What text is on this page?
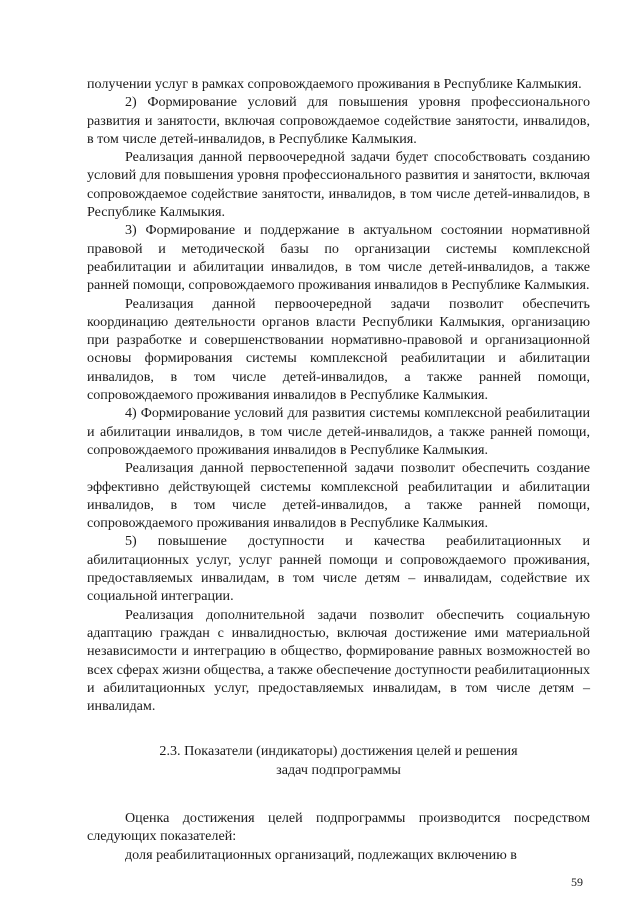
получении услуг в рамках сопровождаемого проживания в Республике Калмыкия.

2) Формирование условий для повышения уровня профессионального развития и занятости, включая сопровождаемое содействие занятости, инвалидов, в том числе детей-инвалидов, в Республике Калмыкия.

Реализация данной первоочередной задачи будет способствовать созданию условий для повышения уровня профессионального развития и занятости, включая сопровождаемое содействие занятости, инвалидов, в том числе детей-инвалидов, в Республике Калмыкия.

3) Формирование и поддержание в актуальном состоянии нормативной правовой и методической базы по организации системы комплексной реабилитации и абилитации инвалидов, в том числе детей-инвалидов, а также ранней помощи, сопровождаемого проживания инвалидов в Республике Калмыкия.

Реализация данной первоочередной задачи позволит обеспечить координацию деятельности органов власти Республики Калмыкия, организацию при разработке и совершенствовании нормативно-правовой и организационной основы формирования системы комплексной реабилитации и абилитации инвалидов, в том числе детей-инвалидов, а также ранней помощи, сопровождаемого проживания инвалидов в Республике Калмыкия.

4) Формирование условий для развития системы комплексной реабилитации и абилитации инвалидов, в том числе детей-инвалидов, а также ранней помощи, сопровождаемого проживания инвалидов в Республике Калмыкия.

Реализация данной первостепенной задачи позволит обеспечить создание эффективно действующей системы комплексной реабилитации и абилитации инвалидов, в том числе детей-инвалидов, а также ранней помощи, сопровождаемого проживания инвалидов в Республике Калмыкия.

5) повышение доступности и качества реабилитационных и абилитационных услуг, услуг ранней помощи и сопровождаемого проживания, предоставляемых инвалидам, в том числе детям – инвалидам, содействие их социальной интеграции.

Реализация дополнительной задачи позволит обеспечить социальную адаптацию граждан с инвалидностью, включая достижение ими материальной независимости и интеграцию в общество, формирование равных возможностей во всех сферах жизни общества, а также обеспечение доступности реабилитационных и абилитационных услуг, предоставляемых инвалидам, в том числе детям – инвалидам.

2.3. Показатели (индикаторы) достижения целей и решения
задач подпрограммы

Оценка достижения целей подпрограммы производится посредством следующих показателей:

доля реабилитационных организаций, подлежащих включению в

59
